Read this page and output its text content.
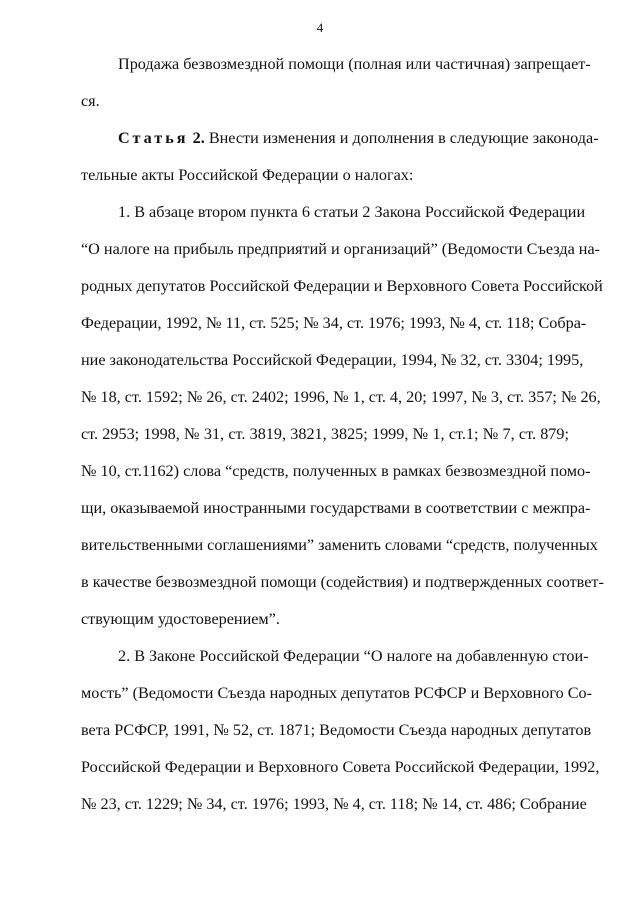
4
Продажа безвозмездной помощи (полная или частичная) запрещает-
ся.
Статья 2. Внести изменения и дополнения в следующие законода-
тельные акты Российской Федерации о налогах:
1. В абзаце втором пункта 6 статьи 2 Закона Российской Федерации
“О налоге на прибыль предприятий и организаций” (Ведомости Съезда на-
родных депутатов Российской Федерации и Верховного Совета Российской
Федерации, 1992, № 11, ст. 525; № 34, ст. 1976; 1993, № 4, ст. 118; Собра-
ние законодательства Российской Федерации, 1994, № 32, ст. 3304; 1995,
№ 18, ст. 1592; № 26, ст. 2402; 1996, № 1, ст. 4, 20; 1997, № 3, ст. 357; № 26,
ст. 2953; 1998, № 31, ст. 3819, 3821, 3825; 1999, № 1, ст.1; № 7, ст. 879;
№ 10, ст.1162) слова “средств, полученных в рамках безвозмездной помо-
щи, оказываемой иностранными государствами в соответствии с межпра-
вительственными соглашениями” заменить словами “средств, полученных
в качестве безвозмездной помощи (содействия) и подтвержденных соответ-
ствующим удостоверением”.
2. В Законе Российской Федерации “О налоге на добавленную стои-
мость” (Ведомости Съезда народных депутатов РСФСР и Верховного Со-
вета РСФСР, 1991, № 52, ст. 1871; Ведомости Съезда народных депутатов
Российской Федерации и Верховного Совета Российской Федерации, 1992,
№ 23, ст. 1229; № 34, ст. 1976; 1993, № 4, ст. 118; № 14, ст. 486; Собрание
